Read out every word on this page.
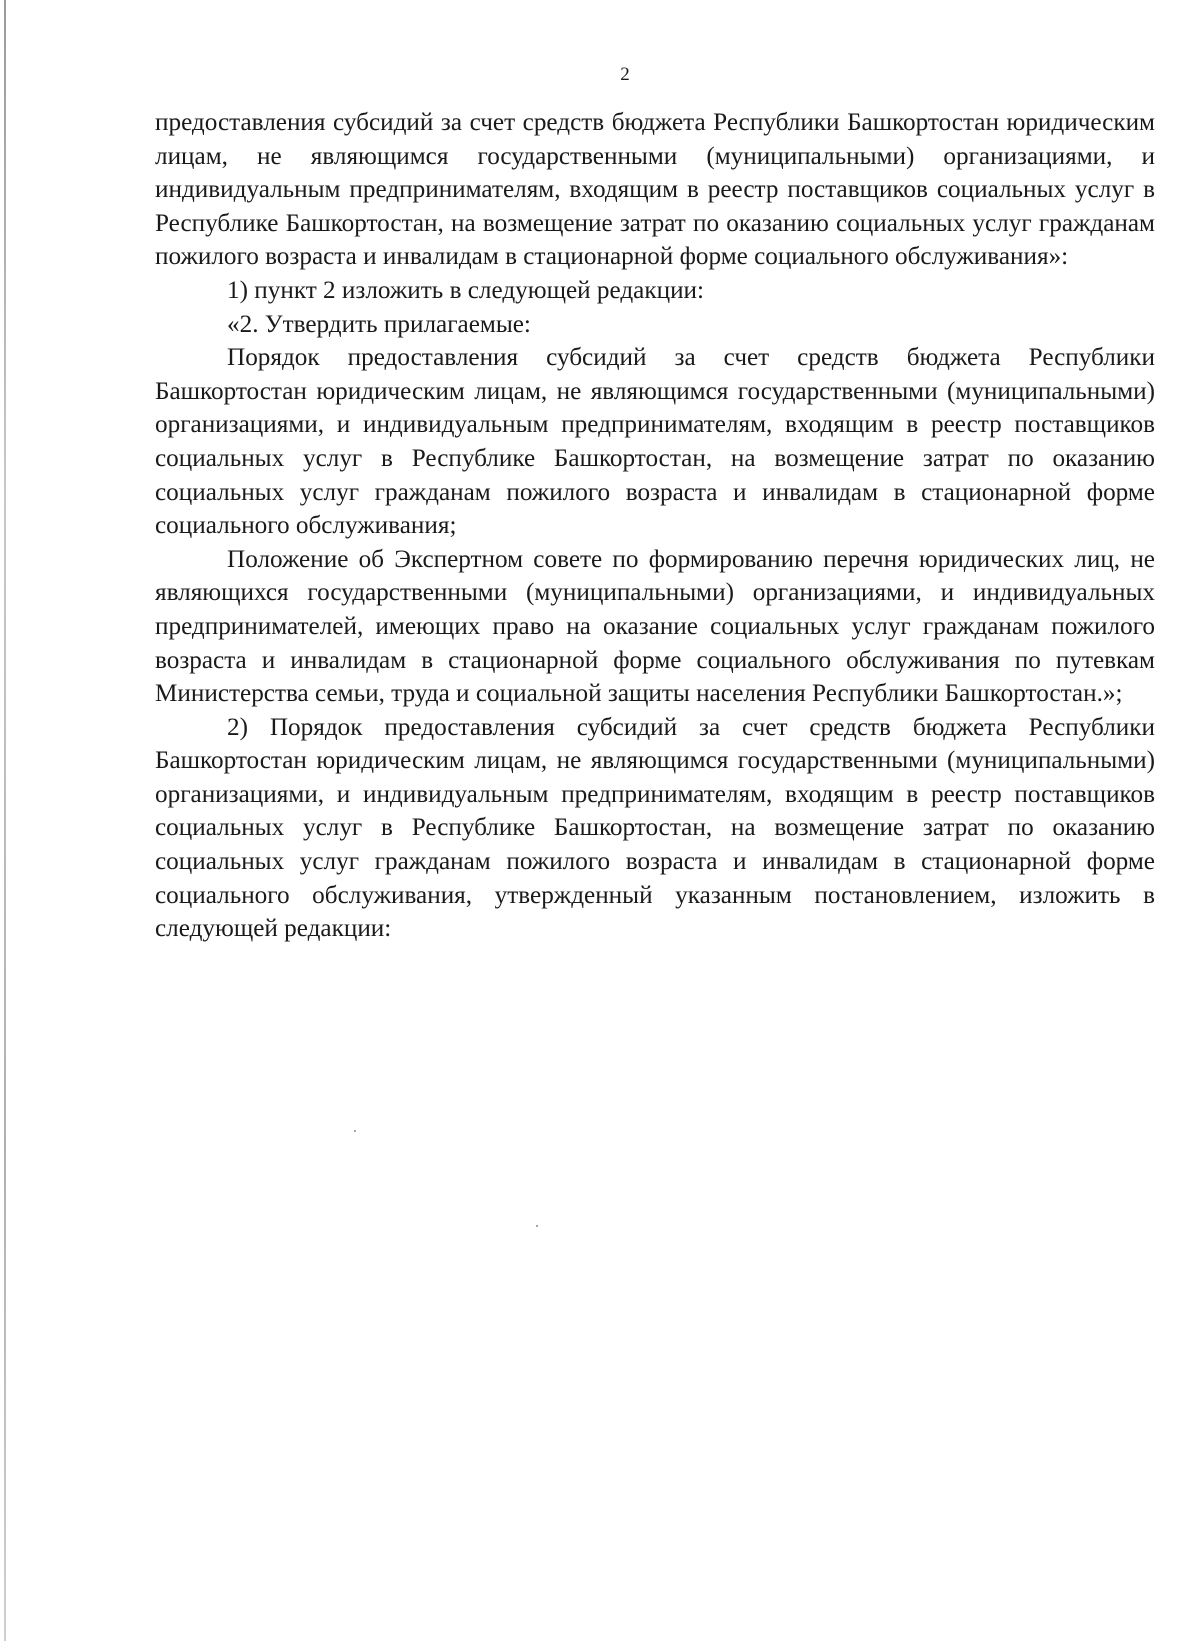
2

предоставления субсидий за счет средств бюджета Республики Башкортостан юридическим лицам, не являющимся государственными (муниципальными) организациями, и индивидуальным предпринимателям, входящим в реестр поставщиков социальных услуг в Республике Башкортостан, на возмещение затрат по оказанию социальных услуг гражданам пожилого возраста и инвалидам в стационарной форме социального обслуживания»:

1) пункт 2 изложить в следующей редакции:

«2. Утвердить прилагаемые:

Порядок предоставления субсидий за счет средств бюджета Республики Башкортостан юридическим лицам, не являющимся государственными (муниципальными) организациями, и индивидуальным предпринимателям, входящим в реестр поставщиков социальных услуг в Республике Башкортостан, на возмещение затрат по оказанию социальных услуг гражданам пожилого возраста и инвалидам в стационарной форме социального обслуживания;

Положение об Экспертном совете по формированию перечня юридических лиц, не являющихся государственными (муниципальными) организациями, и индивидуальных предпринимателей, имеющих право на оказание социальных услуг гражданам пожилого возраста и инвалидам в стационарной форме социального обслуживания по путевкам Министерства семьи, труда и социальной защиты населения Республики Башкортостан.»;

2) Порядок предоставления субсидий за счет средств бюджета Республики Башкортостан юридическим лицам, не являющимся государственными (муниципальными) организациями, и индивидуальным предпринимателям, входящим в реестр поставщиков социальных услуг в Республике Башкортостан, на возмещение затрат по оказанию социальных услуг гражданам пожилого возраста и инвалидам в стационарной форме социального обслуживания, утвержденный указанным постановлением, изложить в следующей редакции:
